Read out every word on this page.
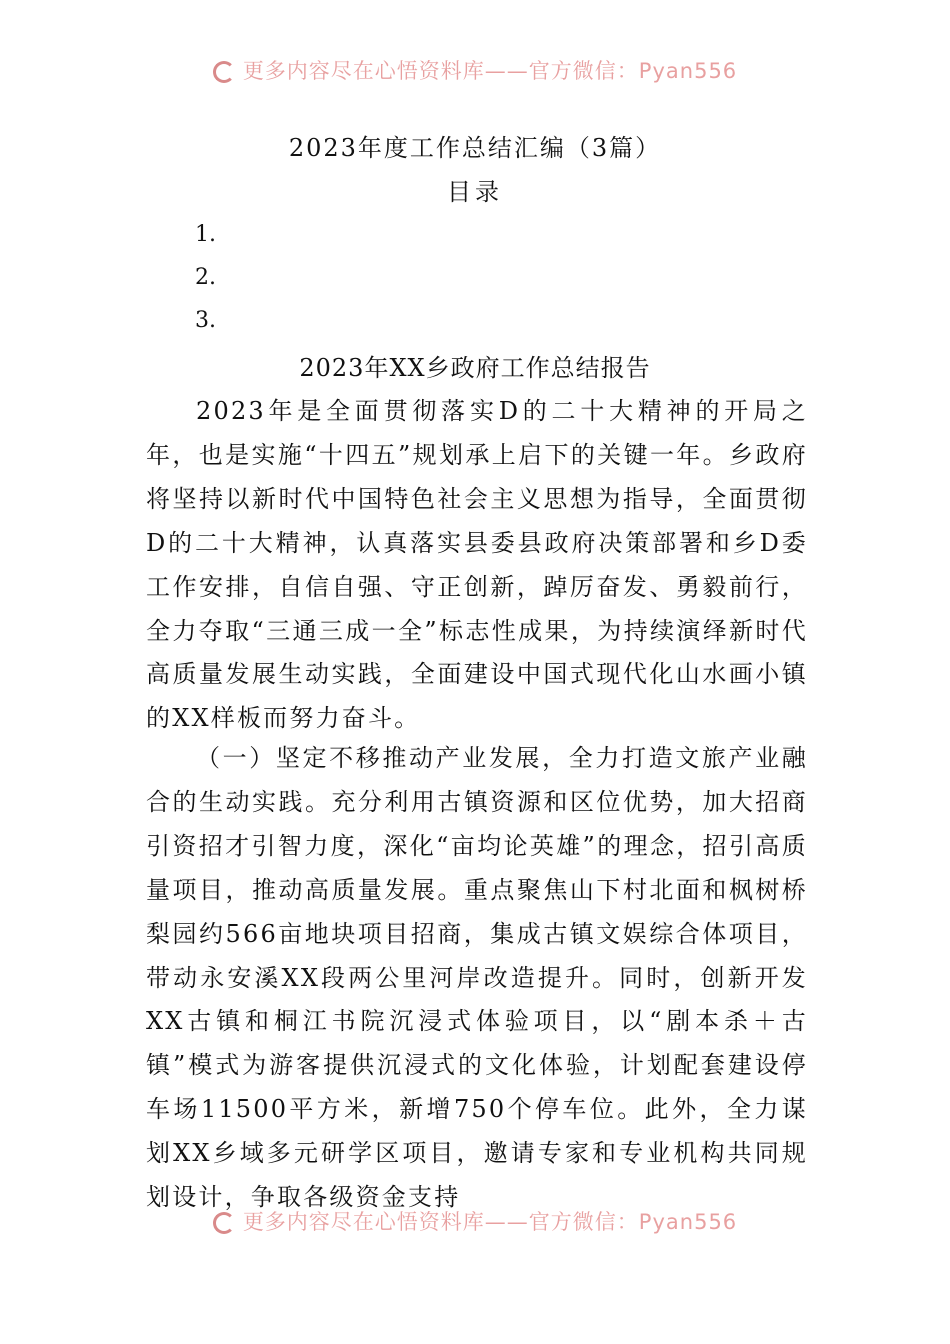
更多内容尽在心悟资料库——官方微信：Pyan556
2023年度工作总结汇编（3篇）
目录
1.
2.
3.
2023年XX乡政府工作总结报告

2023年是全面贯彻落实D的二十大精神的开局之年，也是实施“十四五”规划承上启下的关键一年。乡政府将坚持以新时代中国特色社会主义思想为指导，全面贯彻D的二十大精神，认真落实县委县政府决策部署和乡D委工作安排，自信自强、守正创新，踔厉奋发、勇毅前行，全力夺取“三通三成一全”标志性成果，为持续演绎新时代高质量发展生动实践，全面建设中国式现代化山水画小镇的XX样板而努力奋斗。

（一）坚定不移推动产业发展，全力打造文旅产业融合的生动实践。充分利用古镇资源和区位优势，加大招商引资招才引智力度，深化“亩均论英雄”的理念，招引高质量项目，推动高质量发展。重点聚焦山下村北面和枫树桥梨园约566亩地块项目招商，集成古镇文娱综合体项目，带动永安溪XX段两公里河岸改造提升。同时，创新开发XX古镇和桐江书院沉浸式体验项目，以“剧本杀＋古镇”模式为游客提供沉浸式的文化体验，计划配套建设停车场11500平方米，新增750个停车位。此外，全力谋划XX乡域多元研学区项目，邀请专家和专业机构共同规划设计，争取各级资金支持

更多内容尽在心悟资料库——官方微信：Pyan556
